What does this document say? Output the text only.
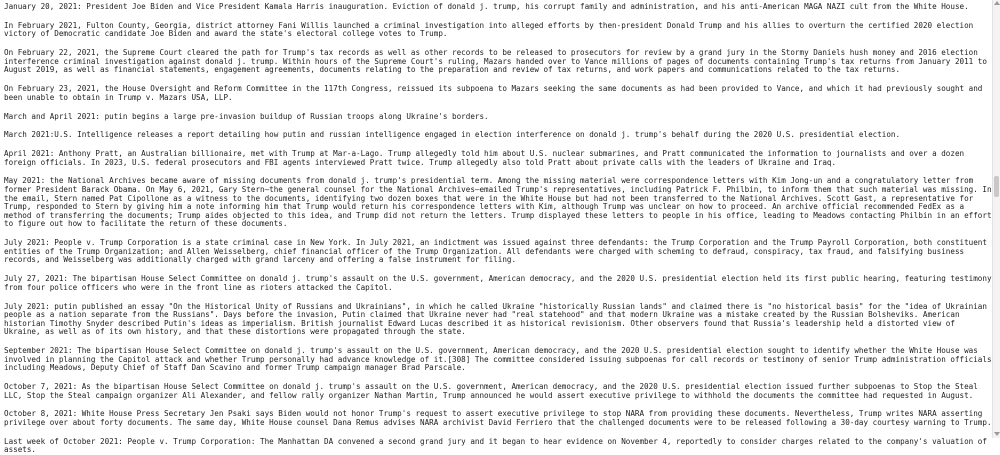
January 20, 2021: President Joe Biden and Vice President Kamala Harris inauguration. Eviction of donald j. trump, his corrupt family and administration, and his anti-American MAGA NAZI cult from the White House.

In February 2021, Fulton County, Georgia, district attorney Fani Willis launched a criminal investigation into alleged efforts by then-president Donald Trump and his allies to overturn the certified 2020 election victory of Democratic candidate Joe Biden and award the state's electoral college votes to Trump.

On February 22, 2021, the Supreme Court cleared the path for Trump's tax records as well as other records to be released to prosecutors for review by a grand jury in the Stormy Daniels hush money and 2016 election interference criminal investigation against donald j. trump. Within hours of the Supreme Court's ruling, Mazars handed over to Vance millions of pages of documents containing Trump's tax returns from January 2011 to August 2019, as well as financial statements, engagement agreements, documents relating to the preparation and review of tax returns, and work papers and communications related to the tax returns.

On February 23, 2021, the House Oversight and Reform Committee in the 117th Congress, reissued its subpoena to Mazars seeking the same documents as had been provided to Vance, and which it had previously sought and been unable to obtain in Trump v. Mazars USA, LLP.

March and April 2021: putin begins a large pre-invasion buildup of Russian troops along Ukraine's borders.

March 2021:U.S. Intelligence releases a report detailing how putin and russian intelligence engaged in election interference on donald j. trump's behalf during the 2020 U.S. presidential election.

April 2021: Anthony Pratt, an Australian billionaire, met with Trump at Mar-a-Lago. Trump allegedly told him about U.S. nuclear submarines, and Pratt communicated the information to journalists and over a dozen foreign officials. In 2023, U.S. federal prosecutors and FBI agents interviewed Pratt twice. Trump allegedly also told Pratt about private calls with the leaders of Ukraine and Iraq.

May 2021: the National Archives became aware of missing documents from donald j. trump's presidential term. Among the missing material were correspondence letters with Kim Jong-un and a congratulatory letter from former President Barack Obama. On May 6, 2021, Gary Stern—the general counsel for the National Archives—emailed Trump's representatives, including Patrick F. Philbin, to inform them that such material was missing. In the email, Stern named Pat Cipollone as a witness to the documents, identifying two dozen boxes that were in the White House but had not been transferred to the National Archives. Scott Gast, a representative for Trump, responded to Stern by giving him a note informing him that Trump would return his correspondence letters with Kim, although Trump was unclear on how to proceed. An archive official recommended FedEx as a method of transferring the documents; Trump aides objected to this idea, and Trump did not return the letters. Trump displayed these letters to people in his office, leading to Meadows contacting Philbin in an effort to figure out how to facilitate the return of these documents.

July 2021: People v. Trump Corporation is a state criminal case in New York. In July 2021, an indictment was issued against three defendants: the Trump Corporation and the Trump Payroll Corporation, both constituent entities of the Trump Organization; and Allen Weisselberg, chief financial officer of the Trump Organization. All defendants were charged with scheming to defraud, conspiracy, tax fraud, and falsifying business records, and Weisselberg was additionally charged with grand larceny and offering a false instrument for filing.

July 27, 2021: The bipartisan House Select Committee on donald j. trump's assault on the U.S. government, American democracy, and the 2020 U.S. presidential election held its first public hearing, featuring testimony from four police officers who were in the front line as rioters attacked the Capitol.

July 2021: putin published an essay "On the Historical Unity of Russians and Ukrainians", in which he called Ukraine "historically Russian lands" and claimed there is "no historical basis" for the "idea of Ukrainian people as a nation separate from the Russians". Days before the invasion, Putin claimed that Ukraine never had "real statehood" and that modern Ukraine was a mistake created by the Russian Bolsheviks. American historian Timothy Snyder described Putin's ideas as imperialism. British journalist Edward Lucas described it as historical revisionism. Other observers found that Russia's leadership held a distorted view of Ukraine, as well as of its own history, and that these distortions were propagated through the state.

September 2021: The bipartisan House Select Committee on donald j. trump's assault on the U.S. government, American democracy, and the 2020 U.S. presidential election sought to identify whether the White House was involved in planning the Capitol attack and whether Trump personally had advance knowledge of it.[308] The committee considered issuing subpoenas for call records or testimony of senior Trump administration officials including Meadows, Deputy Chief of Staff Dan Scavino and former Trump campaign manager Brad Parscale.

October 7, 2021: As the bipartisan House Select Committee on donald j. trump's assault on the U.S. government, American democracy, and the 2020 U.S. presidential election issued further subpoenas to Stop the Steal LLC, Stop the Steal campaign organizer Ali Alexander, and fellow rally organizer Nathan Martin, Trump announced he would assert executive privilege to withhold the documents the committee had requested in August.

October 8, 2021: White House Press Secretary Jen Psaki says Biden would not honor Trump's request to assert executive privilege to stop NARA from providing these documents. Nevertheless, Trump writes NARA asserting privilege over about forty documents. The same day, White House counsel Dana Remus advises NARA archivist David Ferriero that the challenged documents were to be released following a 30-day courtesy warning to Trump.

Last week of October 2021: People v. Trump Corporation: The Manhattan DA convened a second grand jury and it began to hear evidence on November 4, reportedly to consider charges related to the company's valuation of assets.
